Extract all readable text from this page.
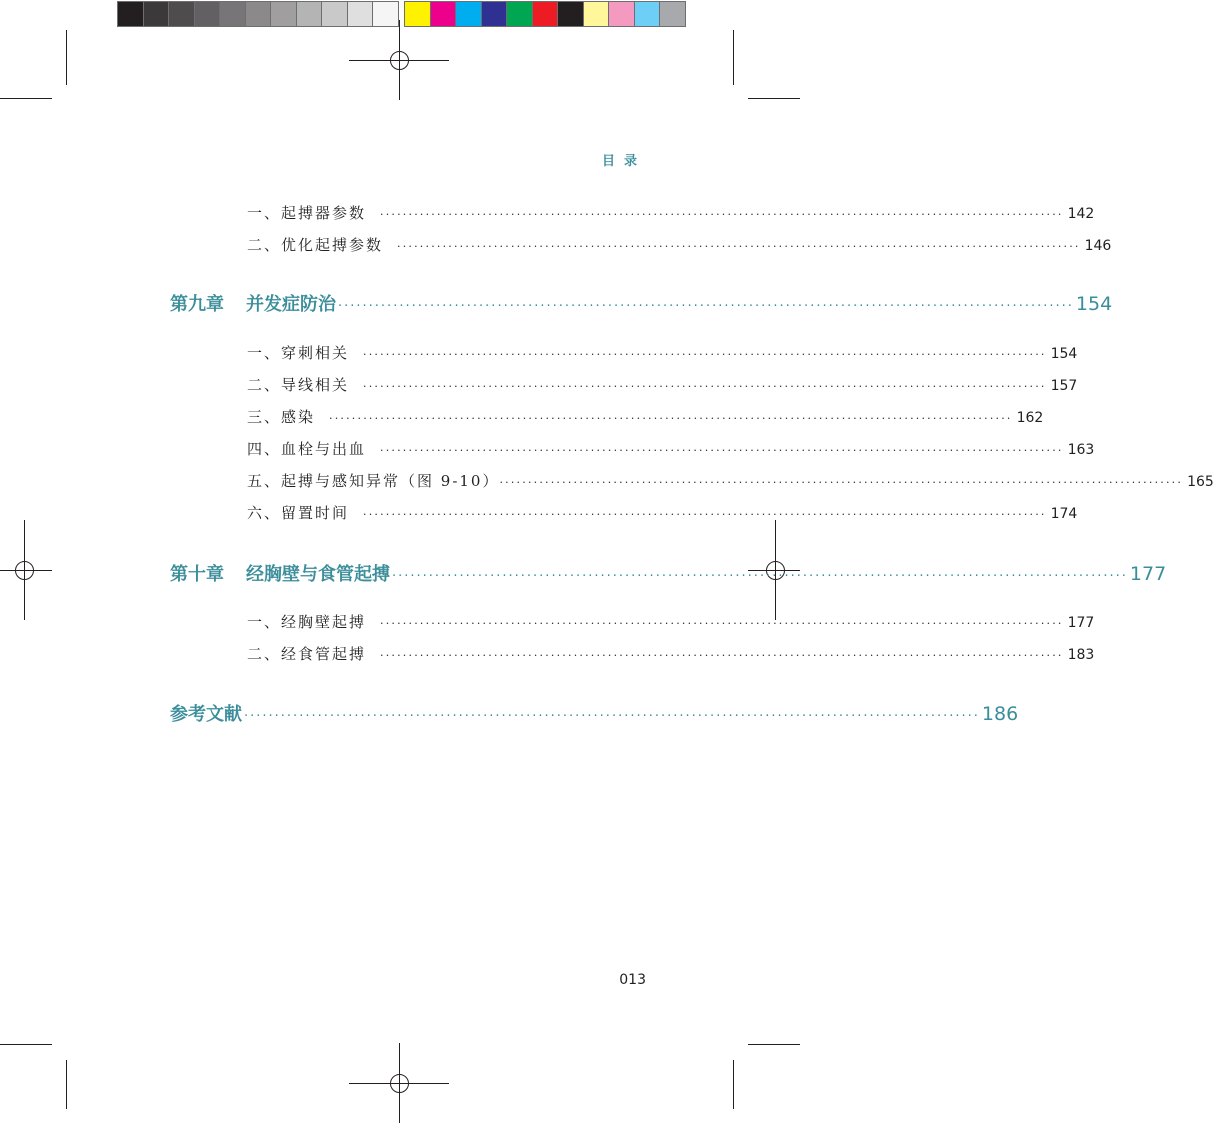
目录
一、起搏器参数 ························································································································ 142
二、优化起搏参数 ························································································································ 146
第九章 并发症防治 ························································································································ 154
一、穿刺相关 ························································································································ 154
二、导线相关 ························································································································ 157
三、感染 ························································································································ 162
四、血栓与出血 ························································································································ 163
五、起搏与感知异常（图 9-10） ························································································································ 165
六、留置时间 ························································································································ 174
第十章 经胸壁与食管起搏 ························································································································ 177
一、经胸壁起搏 ························································································································ 177
二、经食管起搏 ························································································································ 183
参考文献 ························································································································ 186
013
